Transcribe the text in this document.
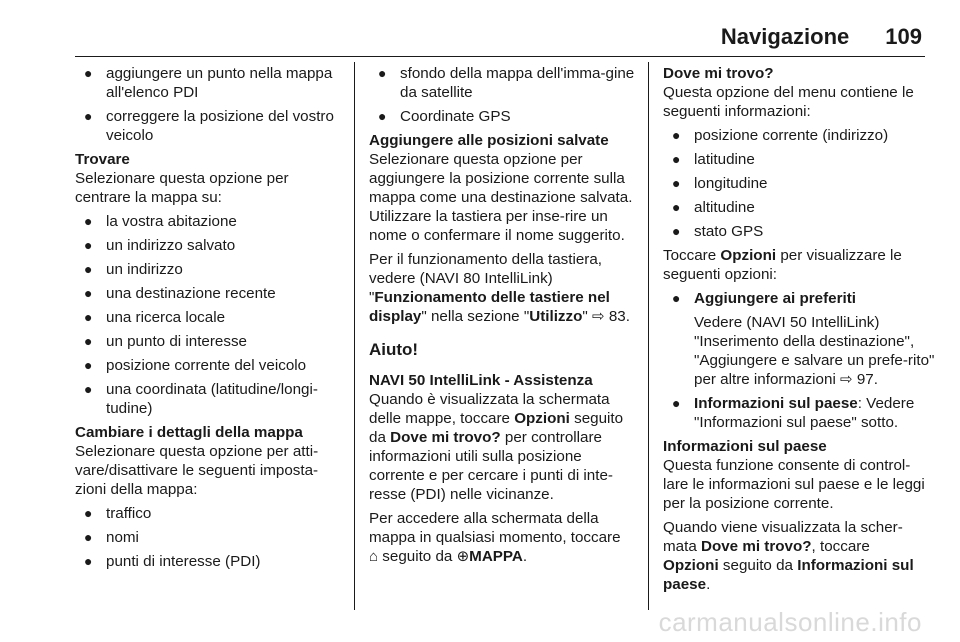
Navigazione 109
● aggiungere un punto nella mappa all'elenco PDI
● correggere la posizione del vostro veicolo

Trovare

Selezionare questa opzione per centrare la mappa su:

● la vostra abitazione
● un indirizzo salvato
● un indirizzo
● una destinazione recente
● una ricerca locale
● un punto di interesse
● posizione corrente del veicolo
● una coordinata (latitudine/longi-tudine)

Cambiare i dettagli della mappa

Selezionare questa opzione per atti-vare/disattivare le seguenti imposta-zioni della mappa:

● traffico
● nomi
● punti di interesse (PDI)
● sfondo della mappa dell'imma-gine da satellite
● Coordinate GPS

Aggiungere alle posizioni salvate

Selezionare questa opzione per aggiungere la posizione corrente sulla mappa come una destinazione salvata. Utilizzare la tastiera per inse-rire un nome o confermare il nome suggerito.

Per il funzionamento della tastiera, vedere (NAVI 80 IntelliLink)
"Funzionamento delle tastiere nel display" nella sezione "Utilizzo" ⇨ 83.

Aiuto!

NAVI 50 IntelliLink - Assistenza

Quando è visualizzata la schermata delle mappe, toccare Opzioni seguito da Dove mi trovo? per controllare informazioni utili sulla posizione corrente e per cercare i punti di inte-resse (PDI) nelle vicinanze.

Per accedere alla schermata della mappa in qualsiasi momento, toccare
⌂ seguito da ⊕MAPPA.

Dove mi trovo?

Questa opzione del menu contiene le seguenti informazioni:

● posizione corrente (indirizzo)
● latitudine
● longitudine
● altitudine
● stato GPS

Toccare Opzioni per visualizzare le seguenti opzioni:

● Aggiungere ai preferiti

Vedere (NAVI 50 IntelliLink) "Inserimento della destinazione", "Aggiungere e salvare un prefe-rito" per altre informazioni ⇨ 97.

● Informazioni sul paese: Vedere "Informazioni sul paese" sotto.

Informazioni sul paese

Questa funzione consente di control-lare le informazioni sul paese e le leggi per la posizione corrente.

Quando viene visualizzata la scher-mata Dove mi trovo?, toccare
Opzioni seguito da Informazioni sul paese.

carmanualsonline.info
